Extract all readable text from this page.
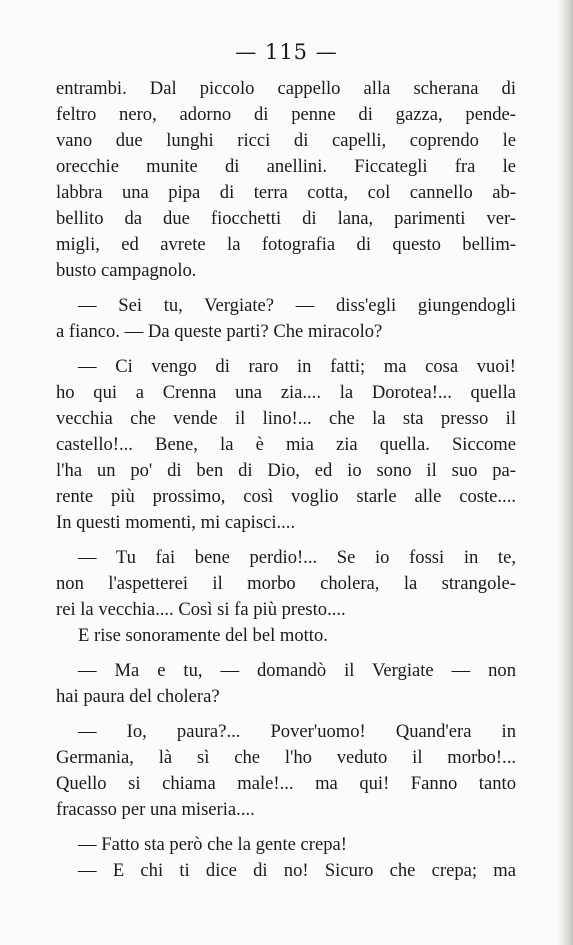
— 115 —
entrambi. Dal piccolo cappello alla scherana di
feltro nero, adorno di penne di gazza, pende-
vano due lunghi ricci di capelli, coprendo le
orecchie munite di anellini. Ficcategli fra le
labbra una pipa di terra cotta, col cannello ab-
bellito da due fiocchetti di lana, parimenti ver-
migli, ed avrete la fotografia di questo bellim-
busto campagnolo.
— Sei tu, Vergiate? — diss'egli giungendogli
a fianco. — Da queste parti? Che miracolo?
— Ci vengo di raro in fatti; ma cosa vuoi!
ho qui a Crenna una zia.... la Dorotea!... quella
vecchia che vende il lino!... che la sta presso il
castello!... Bene, la è mia zia quella. Siccome
l'ha un po' di ben di Dio, ed io sono il suo pa-
rente più prossimo, così voglio starle alle coste....
In questi momenti, mi capisci....
— Tu fai bene perdio!... Se io fossi in te,
non l'aspetterei il morbo cholera, la strangole-
rei la vecchia.... Così si fa più presto....
E rise sonoramente del bel motto.
— Ma e tu, — domandò il Vergiate — non
hai paura del cholera?
— Io, paura?... Pover'uomo! Quand'era in
Germania, là sì che l'ho veduto il morbo!...
Quello si chiama male!... ma qui! Fanno tanto
fracasso per una miseria....
— Fatto sta però che la gente crepa!
— E chi ti dice di no! Sicuro che crepa; ma
